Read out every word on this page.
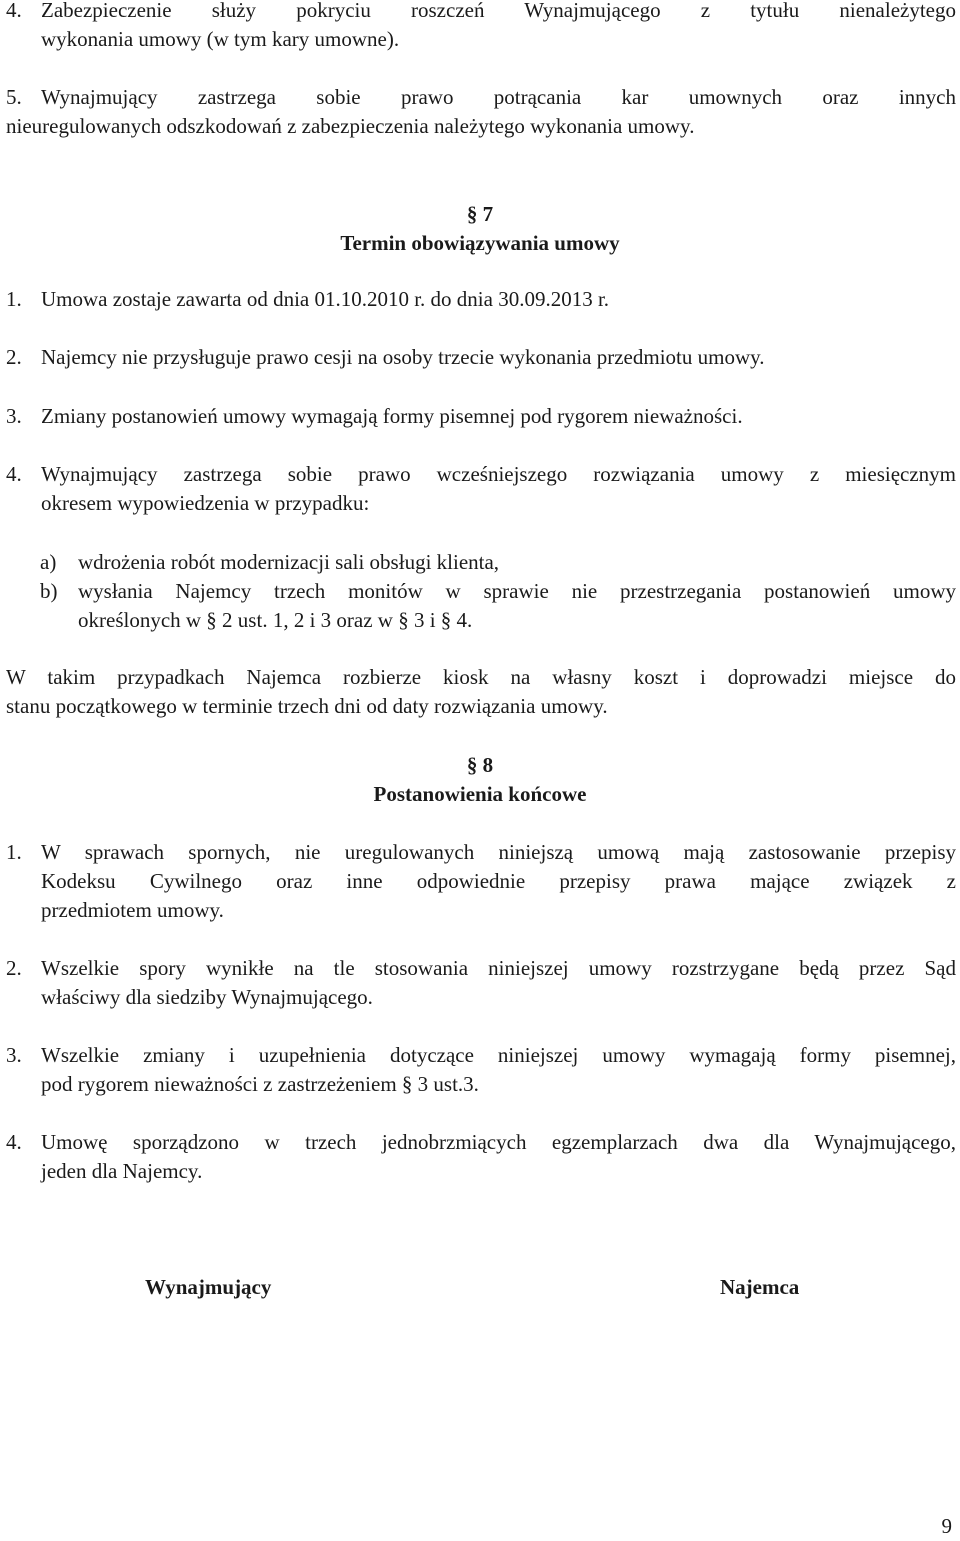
4. Zabezpieczenie służy pokryciu roszczeń Wynajmującego z tytułu nienależytego
wykonania umowy (w tym kary umowne).
5. Wynajmujący zastrzega sobie prawo potrącania kar umownych oraz innych
nieuregulowanych odszkodowań z zabezpieczenia należytego wykonania umowy.
§ 7
Termin obowiązywania umowy
1. Umowa zostaje zawarta od dnia 01.10.2010 r. do dnia 30.09.2013 r.
2. Najemcy nie przysługuje prawo cesji na osoby trzecie wykonania przedmiotu umowy.
3. Zmiany postanowień umowy wymagają formy pisemnej pod rygorem nieważności.
4. Wynajmujący zastrzega sobie prawo wcześniejszego rozwiązania umowy z miesięcznym
okresem wypowiedzenia w przypadku:
a) wdrożenia robót modernizacji sali obsługi klienta,
b) wysłania Najemcy trzech monitów w sprawie nie przestrzegania postanowień umowy
określonych w § 2 ust. 1, 2 i 3 oraz w § 3 i § 4.
W takim przypadkach Najemca rozbierze kiosk na własny koszt i doprowadzi miejsce do
stanu początkowego w terminie trzech dni od daty rozwiązania umowy.
§ 8
Postanowienia końcowe
1. W sprawach spornych, nie uregulowanych niniejszą umową mają zastosowanie przepisy
Kodeksu Cywilnego oraz inne odpowiednie przepisy prawa mające związek z
przedmiotem umowy.
2. Wszelkie spory wynikłe na tle stosowania niniejszej umowy rozstrzygane będą przez Sąd
właściwy dla siedziby Wynajmującego.
3. Wszelkie zmiany i uzupełnienia dotyczące niniejszej umowy wymagają formy pisemnej,
pod rygorem nieważności z zastrzeżeniem § 3 ust.3.
4. Umowę sporządzono w trzech jednobrzmiących egzemplarzach dwa dla Wynajmującego,
jeden dla Najemcy.
Wynajmujący	Najemca
9
